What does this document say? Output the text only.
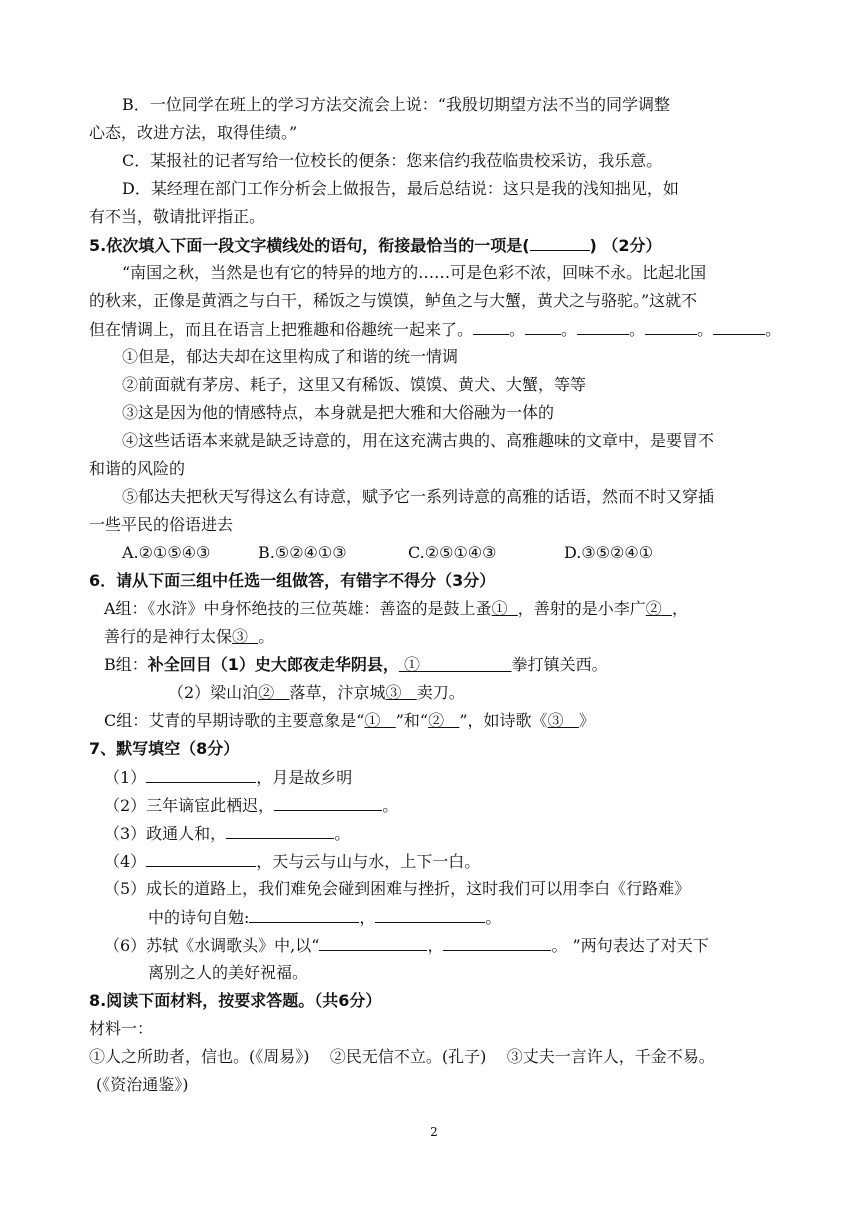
B．一位同学在班上的学习方法交流会上说：“我殷切期望方法不当的同学调整
心态，改进方法，取得佳绩。”
C．某报社的记者写给一位校长的便条：您来信约我莅临贵校采访，我乐意。
D．某经理在部门工作分析会上做报告，最后总结说：这只是我的浅知拙见，如
有不当，敬请批评指正。
5.依次填入下面一段文字横线处的语句，衔接最恰当的一项是(	) （2分）
“南国之秋，当然是也有它的特异的地方的……可是色彩不浓，回味不永。比起北国
的秋来，正像是黄酒之与白干，稀饭之与馍馍，鲈鱼之与大蟹，黄犬之与骆驼。”这就不
但在情调上，而且在语言上把雅趣和俗趣统一起来了。 。 。	。	。	。
①但是，郁达夫却在这里构成了和谐的统一情调
②前面就有茅房、耗子，这里又有稀饭、馍馍、黄犬、大蟹，等等
③这是因为他的情感特点，本身就是把大雅和大俗融为一体的
④这些话语本来就是缺乏诗意的，用在这充满古典的、高雅趣味的文章中，是要冒不
和谐的风险的
⑤郁达夫把秋天写得这么有诗意，赋予它一系列诗意的高雅的话语，然而不时又穿插
一些平民的俗语进去
A.②①⑤④③	B.⑤②④①③	C.②⑤①④③	D.③⑤②④①
6．请从下面三组中任选一组做答，有错字不得分（3分）
A组：《水浒》中身怀绝技的三位英雄：善盗的是鼓上蚤① ，善射的是小李广② ，
善行的是神行太保③ 。
B组：补全回目（1）史大郎夜走华阴县， ①	拳打镇关西。
（2）梁山泊② 落草，汴京城③ 卖刀。
C组：艾青的早期诗歌的主要意象是“① ”和“② ”，如诗歌《③ 》
7、默写填空（8分）
（1）	，月是故乡明
（2）三年谪宦此栖迟，	。
（3）政通人和，	。
（4）	，天与云与山与水，上下一白。
（5）成长的道路上，我们难免会碰到困难与挫折，这时我们可以用李白《行路难》
中的诗句自勉:	，	。
（6）苏轼《水调歌头》中,以“	，	。 ”两句表达了对天下
离别之人的美好祝福。
8.阅读下面材料，按要求答题。（共6分）
材料一：
①人之所助者，信也。(《周易》) ②民无信不立。(孔子) ③丈夫一言许人，千金不易。
(《资治通鉴》)
2
